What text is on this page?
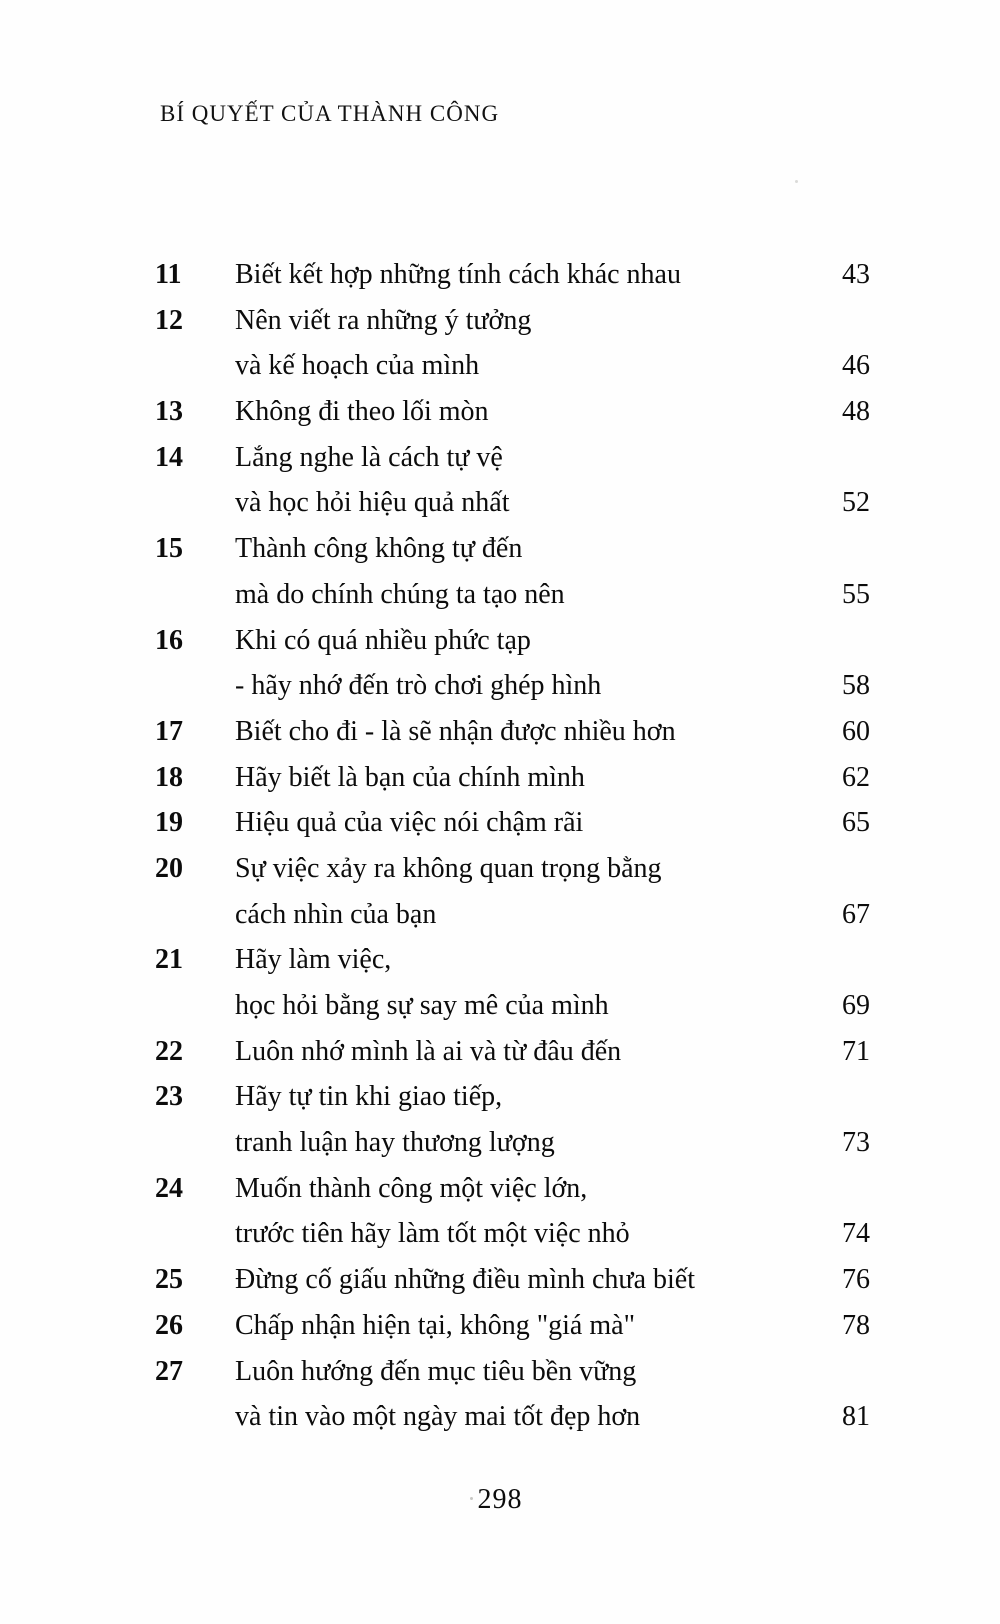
BÍ QUYẾT CỦA THÀNH CÔNG
11	Biết kết hợp những tính cách khác nhau	43
12	Nên viết ra những ý tưởng
và kế hoạch của mình	46
13	Không đi theo lối mòn	48
14	Lắng nghe là cách tự vệ
và học hỏi hiệu quả nhất	52
15	Thành công không tự đến
mà do chính chúng ta tạo nên	55
16	Khi có quá nhiều phức tạp
- hãy nhớ đến trò chơi ghép hình	58
17	Biết cho đi - là sẽ nhận được nhiều hơn	60
18	Hãy biết là bạn của chính mình	62
19	Hiệu quả của việc nói chậm rãi	65
20	Sự việc xảy ra không quan trọng bằng
cách nhìn của bạn	67
21	Hãy làm việc,
học hỏi bằng sự say mê của mình	69
22	Luôn nhớ mình là ai và từ đâu đến	71
23	Hãy tự tin khi giao tiếp,
tranh luận hay thương lượng	73
24	Muốn thành công một việc lớn,
trước tiên hãy làm tốt một việc nhỏ	74
25	Đừng cố giấu những điều mình chưa biết	76
26	Chấp nhận hiện tại, không "giá mà"	78
27	Luôn hướng đến mục tiêu bền vững
và tin vào một ngày mai tốt đẹp hơn	81
298
